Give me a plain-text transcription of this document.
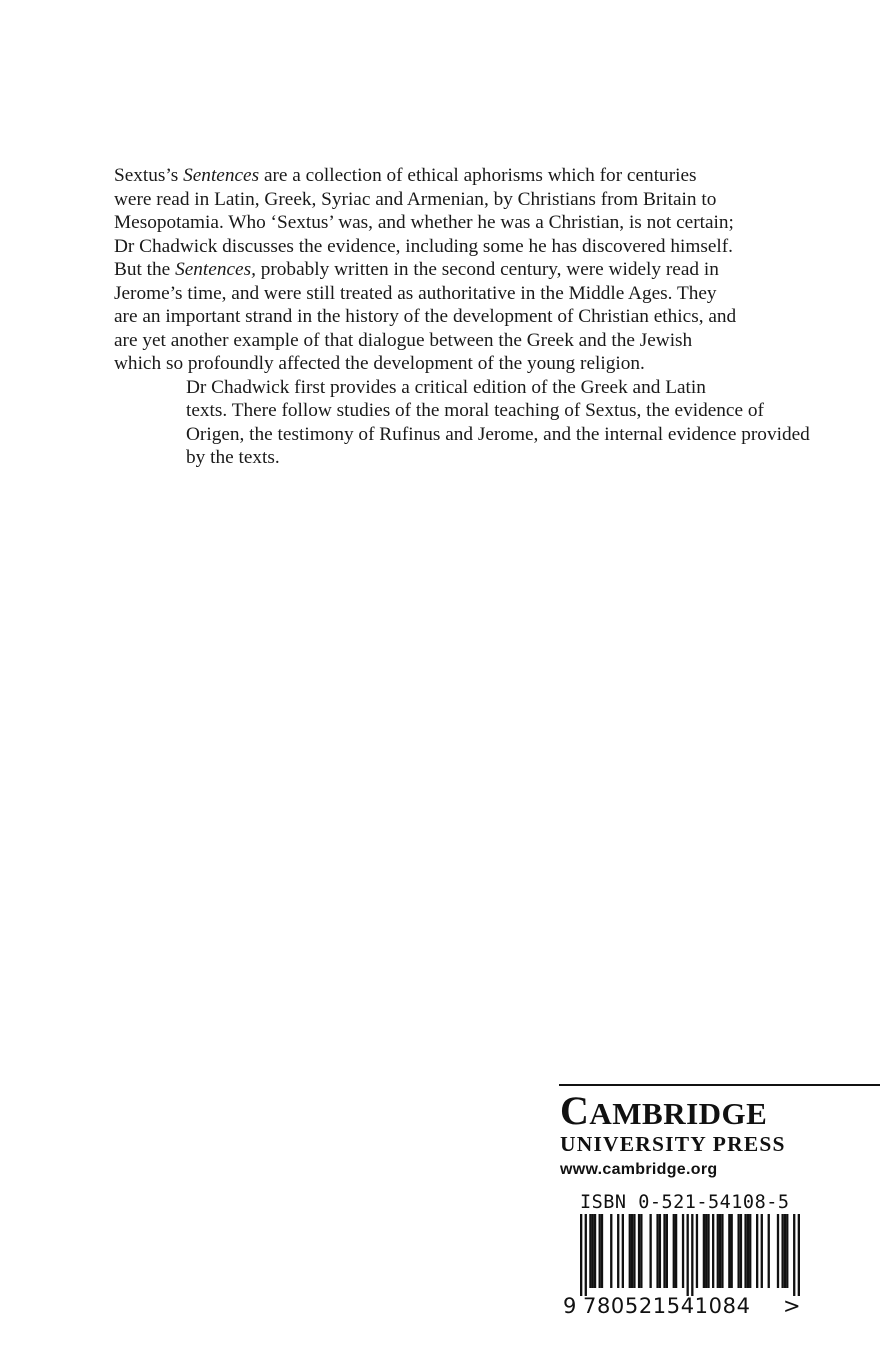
Sextus’s Sentences are a collection of ethical aphorisms which for centuries
were read in Latin, Greek, Syriac and Armenian, by Christians from Britain to
Mesopotamia. Who ‘Sextus’ was, and whether he was a Christian, is not certain;
Dr Chadwick discusses the evidence, including some he has discovered himself.
But the Sentences, probably written in the second century, were widely read in
Jerome’s time, and were still treated as authoritative in the Middle Ages. They
are an important strand in the history of the development of Christian ethics, and
are yet another example of that dialogue between the Greek and the Jewish
which so profoundly affected the development of the young religion.

Dr Chadwick first provides a critical edition of the Greek and Latin
texts. There follow studies of the moral teaching of Sextus, the evidence of
Origen, the testimony of Rufinus and Jerome, and the internal evidence provided
by the texts.

CAMBRIDGE
UNIVERSITY PRESS
www.cambridge.org
ISBN 0-521-54108-5
9 780521541084 >
